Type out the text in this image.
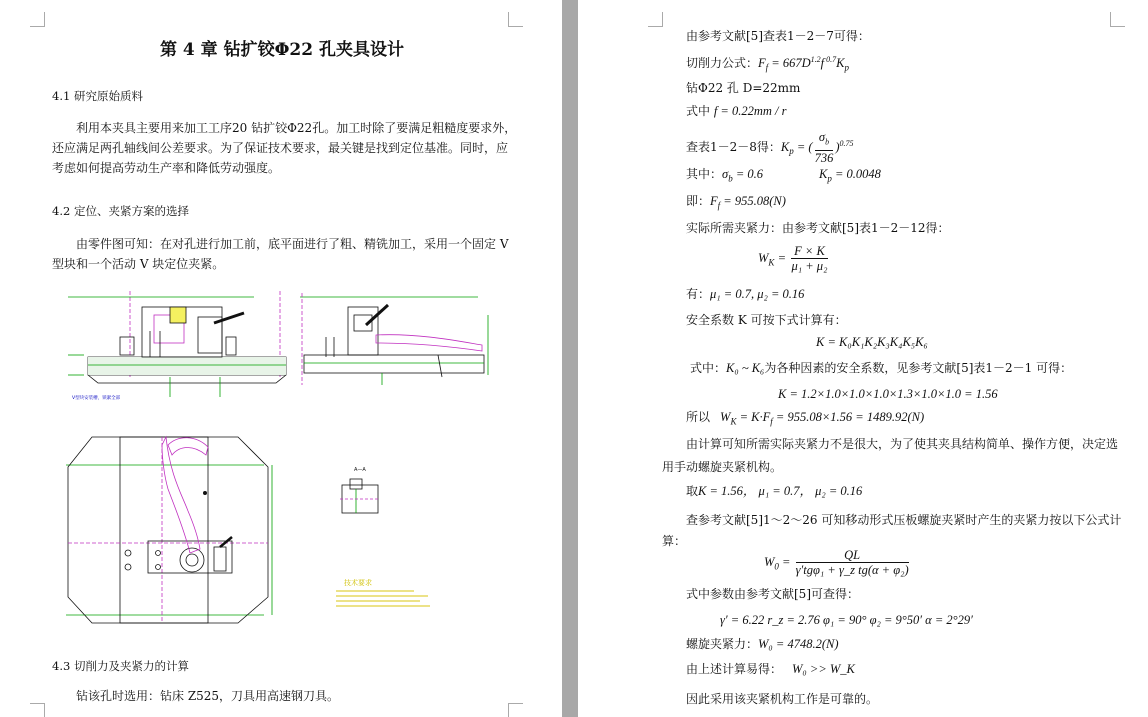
第 4 章 钻扩铰Φ22 孔夹具设计
4.1 研究原始质料
利用本夹具主要用来加工工序20 钻扩铰Φ22孔。加工时除了要满足粗糙度要求外，
还应满足两孔轴线间公差要求。为了保证技术要求，最关键是找到定位基准。同时，应
考虑如何提高劳动生产率和降低劳动强度。
4.2 定位、夹紧方案的选择
由零件图可知：在对孔进行加工前，底平面进行了粗、精铣加工，采用一个固定 V
型块和一个活动 V 块定位夹紧。
V型块安装槽，锁紧全部
A—A
技术要求
4.3 切削力及夹紧力的计算
钻该孔时选用：钻床 Z525，刀具用高速钢刀具。
由参考文献[5]查表1－2－7可得：
切削力公式：$F_f = 667D^{1.2}f$ $^{0.7}K_p$
钻Φ22 孔 D=22mm
式中 f = 0.22mm / r
查表1－2－8得：$K_p$ = ( $\frac{\sigma_b}{736} )^{0.75}$
其中：$\sigma_b = 0.6$	$K_p = 0.0048$
即：$F_f = 955.08(N)$
实际所需夹紧力：由参考文献[5]表1－2－12得：
$W_K = \frac{F \times K}{\text{μ₁ + μ₂}}$
有：μ₁ = 0.7, μ₂ = 0.16
安全系数 K 可按下式计算有：
K = K₀K₁K₂K₃K₄K₅K₆
式中：K₀ ~ K₆为各种因素的安全系数，见参考文献[5]表1－2－1 可得：
K = 1.2×1.0×1.0×1.0×1.3×1.0×1.0 = 1.56
所以 $W_K = K\cdot F_f = 955.08\times 1.56 = 1489.92(N)$
由计算可知所需实际夹紧力不是很大，为了使其夹具结构简单、操作方便，决定选
用手动螺旋夹紧机构。
取K = 1.56， μ₁ = 0.7， μ₂ = 0.16
查参考文献[5]1～2～26 可知移动形式压板螺旋夹紧时产生的夹紧力按以下公式计
算：
$W_0 = \frac{QL}{\text{γ′tgφ₁ + γ\_z tg(α + φ₂)}}$
式中参数由参考文献[5]可查得：
γ′ = 6.22 r_z = 2.76 φ₁ = 90° φ₂ = 9°50′ α = 2°29′
螺旋夹紧力：W₀ = 4748.2(N)
由上述计算易得： W₀ >> W_K
因此采用该夹紧机构工作是可靠的。
